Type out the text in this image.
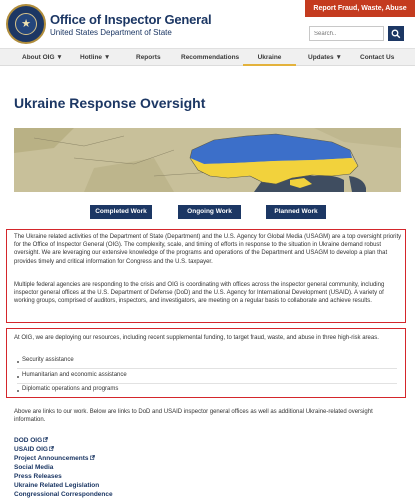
★	Office of Inspector General
United States Department of State
Report Fraud, Waste, Abuse
Search..
About OIG ▼	Hotline ▼	Reports	Recommendations	Ukraine	Updates ▼	Contact Us
Ukraine Response Oversight
Completed Work	Ongoing Work	Planned Work
The Ukraine related activities of the Department of State (Department) and the U.S. Agency for Global Media (USAGM) are a top oversight priority for the Office of Inspector General (OIG). The complexity, scale, and timing of efforts in response to the situation in Ukraine demand robust oversight. We are leveraging our extensive knowledge of the programs and operations of the Department and USAGM to develop a plan that provides timely and critical information for Congress and the U.S. taxpayer.
Multiple federal agencies are responding to the crisis and OIG is coordinating with offices across the inspector general community, including inspector general offices at the U.S. Department of Defense (DoD) and the U.S. Agency for International Development (USAID). A variety of working groups, comprised of auditors, inspectors, and investigators, are meeting on a regular basis to collaborate and achieve results.
At OIG, we are deploying our resources, including recent supplemental funding, to target fraud, waste, and abuse in three high-risk areas.
Security assistance
Humanitarian and economic assistance
Diplomatic operations and programs
Above are links to our work. Below are links to DoD and USAID inspector general offices as well as additional Ukraine-related oversight information.
DOD OIG
USAID OIG
Project Announcements
Social Media
Press Releases
Ukraine Related Legislation
Congressional Correspondence
